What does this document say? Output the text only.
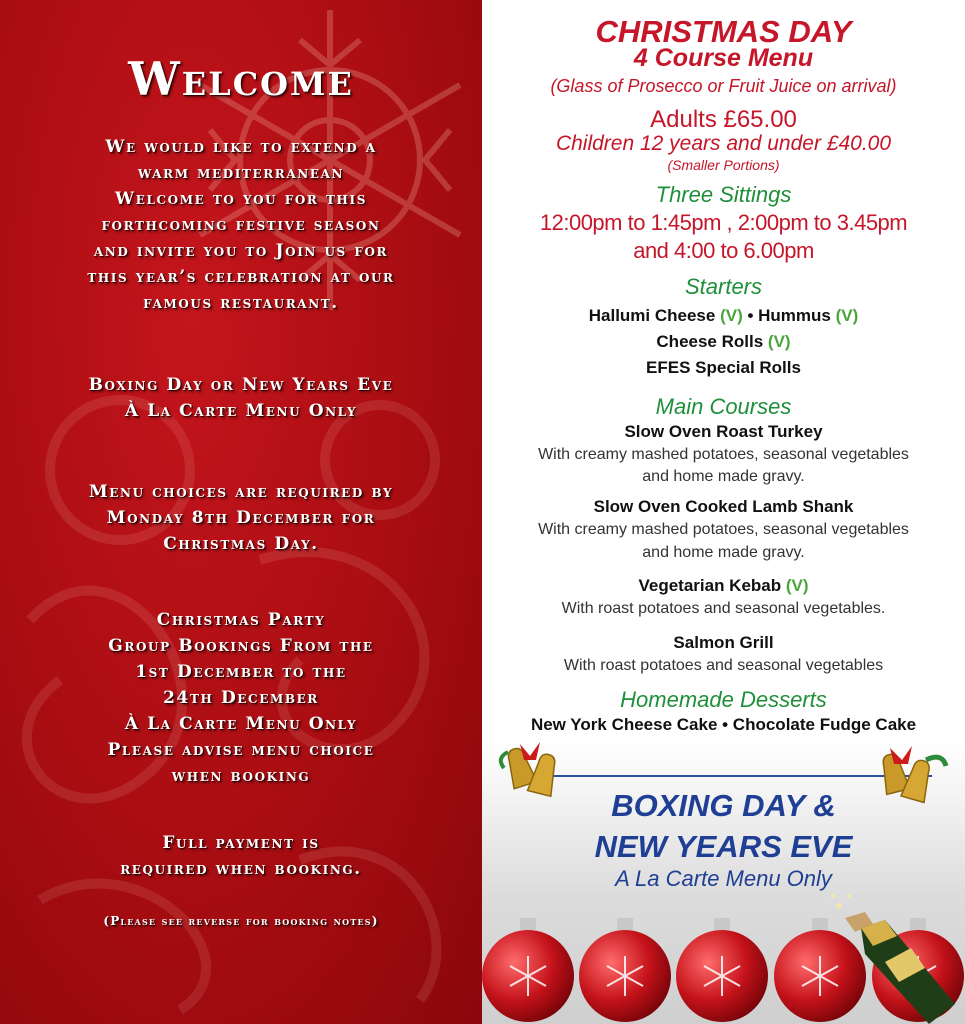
Welcome
We would like to extend a
warm mediterranean
Welcome to you for this
forthcoming festive season
and invite you to Join us for
this year’s celebration at our
famous restaurant.
Boxing Day or New Years Eve
À La Carte Menu Only
Menu choices are required by
Monday 8th December for
Christmas Day.
Christmas Party
Group Bookings From the
1st December to the
24th December
À La Carte Menu Only
Please advise menu choice
when booking
Full payment is
required when booking.
(Please see reverse for booking notes)
CHRISTMAS DAY
4 Course Menu
(Glass of Prosecco or Fruit Juice on arrival)
Adults £65.00
Children 12 years and under £40.00
(Smaller Portions)
Three Sittings
12:00pm to 1:45pm , 2:00pm to 3.45pm
and 4:00 to 6.00pm
Starters
Hallumi Cheese (V) • Hummus (V)
Cheese Rolls (V)
EFES Special Rolls
Main Courses
Slow Oven Roast Turkey
With creamy mashed potatoes, seasonal vegetables
and home made gravy.
Slow Oven Cooked Lamb Shank
With creamy mashed potatoes, seasonal vegetables
and home made gravy.
Vegetarian Kebab (V)
With roast potatoes and seasonal vegetables.
Salmon Grill
With roast potatoes and seasonal vegetables
Homemade Desserts
New York Cheese Cake • Chocolate Fudge Cake
BOXING DAY &
NEW YEARS EVE
A La Carte Menu Only
